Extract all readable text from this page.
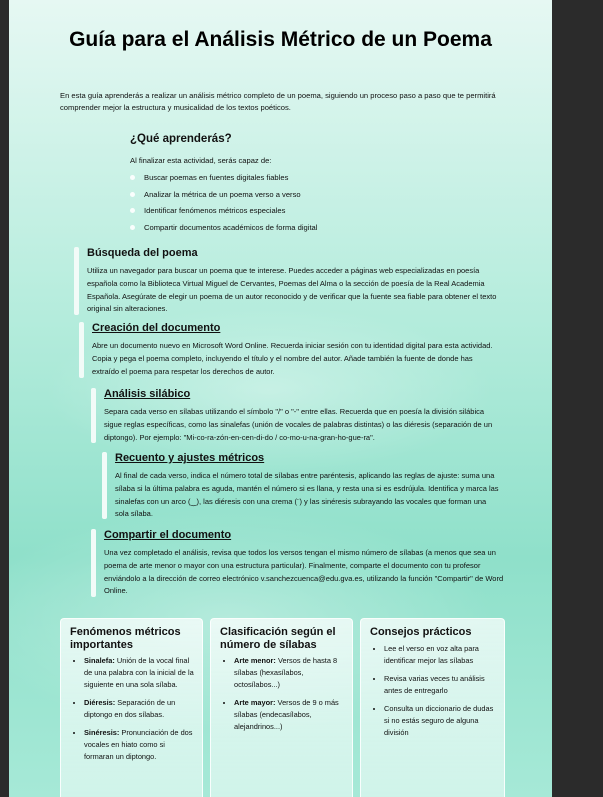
Guía para el Análisis Métrico de un Poema
En esta guía aprenderás a realizar un análisis métrico completo de un poema, siguiendo un proceso paso a paso que te permitirá comprender mejor la estructura y musicalidad de los textos poéticos.
¿Qué aprenderás?
Al finalizar esta actividad, serás capaz de:
Buscar poemas en fuentes digitales fiables
Analizar la métrica de un poema verso a verso
Identificar fenómenos métricos especiales
Compartir documentos académicos de forma digital
Búsqueda del poema

Utiliza un navegador para buscar un poema que te interese. Puedes acceder a páginas web especializadas en poesía española como la Biblioteca Virtual Miguel de Cervantes, Poemas del Alma o la sección de poesía de la Real Academia Española. Asegúrate de elegir un poema de un autor reconocido y de verificar que la fuente sea fiable para obtener el texto original sin alteraciones.

Creación del documento

Abre un documento nuevo en Microsoft Word Online. Recuerda iniciar sesión con tu identidad digital para esta actividad. Copia y pega el poema completo, incluyendo el título y el nombre del autor. Añade también la fuente de donde has extraído el poema para respetar los derechos de autor.

Análisis silábico

Separa cada verso en sílabas utilizando el símbolo "/" o "-" entre ellas. Recuerda que en poesía la división silábica sigue reglas específicas, como las sinalefas (unión de vocales de palabras distintas) o las diéresis (separación de un diptongo). Por ejemplo: "Mi-co-ra-zón-en-cen-di-do / co-mo-u-na-gran-ho-gue-ra".

Recuento y ajustes métricos

Al final de cada verso, indica el número total de sílabas entre paréntesis, aplicando las reglas de ajuste: suma una sílaba si la última palabra es aguda, mantén el número si es llana, y resta una si es esdrújula. Identifica y marca las sinalefas con un arco (‿), las diéresis con una crema (¨) y las sinéresis subrayando las vocales que forman una sola sílaba.

Compartir el documento

Una vez completado el análisis, revisa que todos los versos tengan el mismo número de sílabas (a menos que sea un poema de arte menor o mayor con una estructura particular). Finalmente, comparte el documento con tu profesor enviándolo a la dirección de correo electrónico v.sanchezcuenca@edu.gva.es, utilizando la función "Compartir" de Word Online.

Fenómenos métricos importantes
• Sinalefa: Unión de la vocal final de una palabra con la inicial de la siguiente en una sola sílaba.
• Diéresis: Separación de un diptongo en dos sílabas.
• Sinéresis: Pronunciación de dos vocales en hiato como si formaran un diptongo.
Clasificación según el número de sílabas
• Arte menor: Versos de hasta 8 sílabas (hexasílabos, octosílabos...)
• Arte mayor: Versos de 9 o más sílabas (endecasílabos, alejandrinos...)
Consejos prácticos
• Lee el verso en voz alta para identificar mejor las sílabas
• Revisa varias veces tu análisis antes de entregarlo
• Consulta un diccionario de dudas si no estás seguro de alguna división
